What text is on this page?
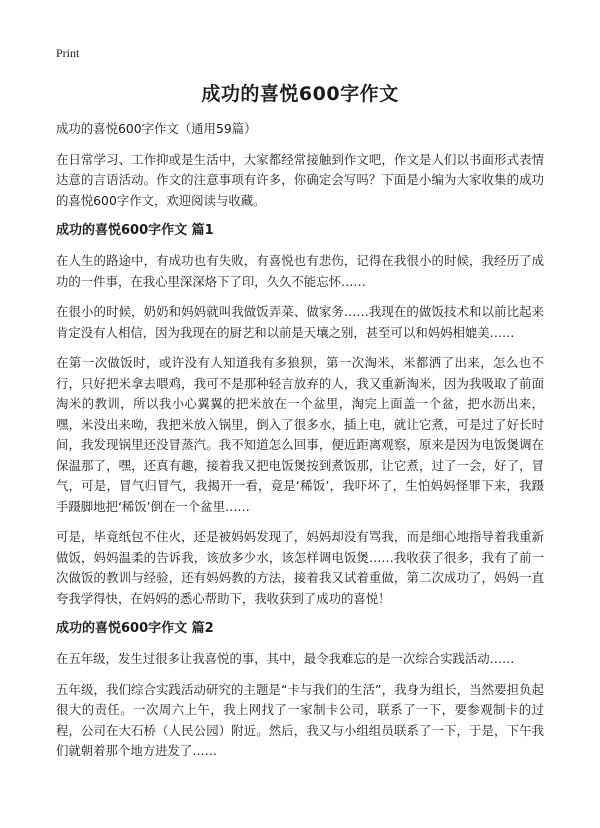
Print
成功的喜悦600字作文

成功的喜悦600字作文（通用59篇）

在日常学习、工作抑或是生活中，大家都经常接触到作文吧，作文是人们以书面形式表情达意的言语活动。作文的注意事项有许多，你确定会写吗？下面是小编为大家收集的成功的喜悦600字作文，欢迎阅读与收藏。

成功的喜悦600字作文 篇1

在人生的路途中，有成功也有失败，有喜悦也有悲伤，记得在我很小的时候，我经历了成功的一件事，在我心里深深烙下了印，久久不能忘怀……

在很小的时候，奶奶和妈妈就叫我做饭弄菜、做家务……我现在的做饭技术和以前比起来肯定没有人相信，因为我现在的厨艺和以前是天壤之别，甚至可以和妈妈相媲美……

在第一次做饭时，或许没有人知道我有多狼狈，第一次淘米，米都洒了出来，怎么也不行，只好把米拿去喂鸡，我可不是那种轻言放弃的人，我又重新淘米，因为我吸取了前面淘米的教训，所以我小心翼翼的把米放在一个盆里，淘完上面盖一个盆，把水沥出来，嘿，米没出来呦，我把米放入锅里，倒入了很多水，插上电，就让它煮，可是过了好长时间，我发现锅里还没冒蒸汽。我不知道怎么回事，便近距离观察，原来是因为电饭煲调在保温那了，嘿，还真有趣，接着我又把电饭煲按到煮饭那，让它煮，过了一会，好了，冒气，可是，冒气归冒气，我揭开一看，竟是‘稀饭’，我吓坏了，生怕妈妈怪罪下来，我蹑手蹑脚地把‘稀饭’倒在一个盆里……

可是，毕竟纸包不住火，还是被妈妈发现了，妈妈却没有骂我，而是细心地指导着我重新做饭，妈妈温柔的告诉我，该放多少水，该怎样调电饭煲……我收获了很多，我有了前一次做饭的教训与经验，还有妈妈教的方法，接着我又试着重做，第二次成功了，妈妈一直夸我学得快，在妈妈的悉心帮助下，我收获到了成功的喜悦！

成功的喜悦600字作文 篇2

在五年级，发生过很多让我喜悦的事，其中，最令我难忘的是一次综合实践活动……

五年级，我们综合实践活动研究的主题是“卡与我们的生活”，我身为组长，当然要担负起很大的责任。一次周六上午，我上网找了一家制卡公司，联系了一下，要参观制卡的过程，公司在大石桥（人民公园）附近。然后，我又与小组组员联系了一下，于是，下午我们就朝着那个地方进发了……
